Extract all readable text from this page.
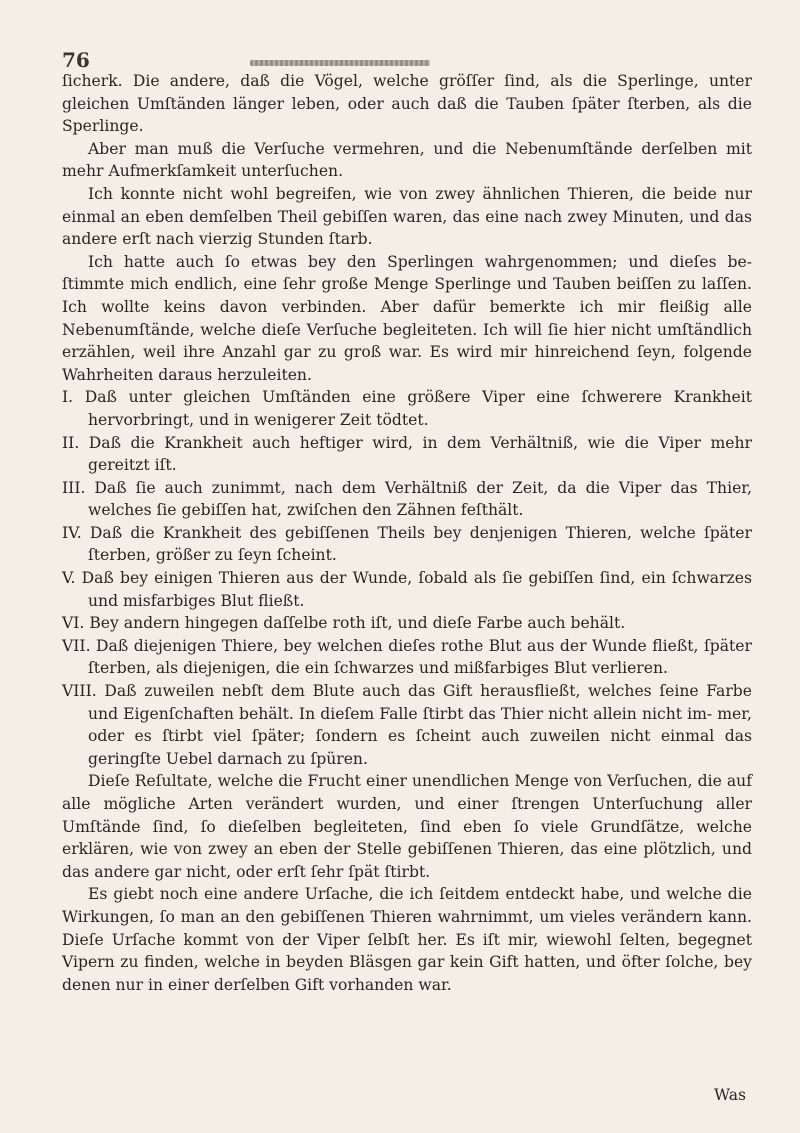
76

ſicherk. Die andere, daß die Vögel, welche gröſſer ſind, als die Sperlinge, unter gleichen Umſtänden länger leben, oder auch daß die Tauben ſpäter ſterben, als die Sperlinge.

Aber man muß die Verſuche vermehren, und die Nebenumſtände derſelben mit mehr Aufmerkſamkeit unterſuchen.

Ich konnte nicht wohl begreifen, wie von zwey ähnlichen Thieren, die beide nur einmal an eben demſelben Theil gebiſſen waren, das eine nach zwey Minuten, und das andere erſt nach vierzig Stunden ſtarb.

Ich hatte auch ſo etwas bey den Sperlingen wahrgenommen; und dieſes be- ſtimmte mich endlich, eine ſehr große Menge Sperlinge und Tauben beiſſen zu laſſen. Ich wollte keins davon verbinden. Aber dafür bemerkte ich mir fleißig alle Nebenumſtände, welche dieſe Verſuche begleiteten. Ich will ſie hier nicht umſtändlich erzählen, weil ihre Anzahl gar zu groß war. Es wird mir hinreichend ſeyn, folgende Wahrheiten daraus herzuleiten.

I. Daß unter gleichen Umſtänden eine größere Viper eine ſchwerere Krankheit hervorbringt, und in wenigerer Zeit tödtet.

II. Daß die Krankheit auch heftiger wird, in dem Verhältniß, wie die Viper mehr gereitzt iſt.

III. Daß ſie auch zunimmt, nach dem Verhältniß der Zeit, da die Viper das Thier, welches ſie gebiſſen hat, zwiſchen den Zähnen feſthält.

IV. Daß die Krankheit des gebiſſenen Theils bey denjenigen Thieren, welche ſpäter ſterben, größer zu ſeyn ſcheint.

V. Daß bey einigen Thieren aus der Wunde, ſobald als ſie gebiſſen ſind, ein ſchwarzes und misfarbiges Blut fließt.

VI. Bey andern hingegen daſſelbe roth iſt, und dieſe Farbe auch behält.

VII. Daß diejenigen Thiere, bey welchen dieſes rothe Blut aus der Wunde fließt, ſpäter ſterben, als diejenigen, die ein ſchwarzes und mißfarbiges Blut verlieren.

VIII. Daß zuweilen nebſt dem Blute auch das Gift herausfließt, welches ſeine Farbe und Eigenſchaften behält. In dieſem Falle ſtirbt das Thier nicht allein nicht im- mer, oder es ſtirbt viel ſpäter; ſondern es ſcheint auch zuweilen nicht einmal das geringſte Uebel darnach zu ſpüren.

Dieſe Reſultate, welche die Frucht einer unendlichen Menge von Verſuchen, die auf alle mögliche Arten verändert wurden, und einer ſtrengen Unterſuchung aller Umſtände ſind, ſo dieſelben begleiteten, ſind eben ſo viele Grundſätze, welche erklären, wie von zwey an eben der Stelle gebiſſenen Thieren, das eine plötzlich, und das andere gar nicht, oder erſt ſehr ſpät ſtirbt.

Es giebt noch eine andere Urſache, die ich ſeitdem entdeckt habe, und welche die Wirkungen, ſo man an den gebiſſenen Thieren wahrnimmt, um vieles verändern kann. Dieſe Urſache kommt von der Viper ſelbſt her. Es iſt mir, wiewohl ſelten, begegnet Vipern zu finden, welche in beyden Bläsgen gar kein Gift hatten, und öfter ſolche, bey denen nur in einer derſelben Gift vorhanden war.

Was
